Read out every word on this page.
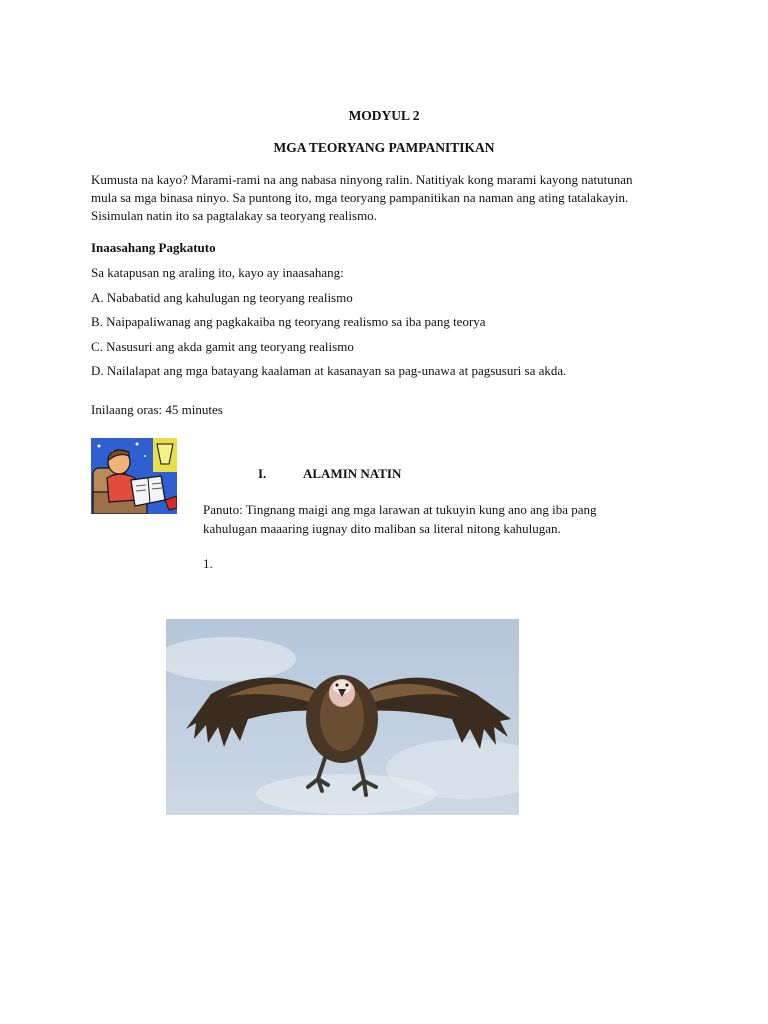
MODYUL 2
MGA TEORYANG PAMPANITIKAN
Kumusta na kayo? Marami-rami na ang nabasa ninyong ralin. Natitiyak kong marami kayong natutunan
mula sa mga binasa ninyo. Sa puntong ito, mga teoryang pampanitikan na naman ang ating tatalakayin.
Sisimulan natin ito sa pagtalakay sa teoryang realismo.
Inaasahang Pagkatuto
Sa katapusan ng araling ito, kayo ay inaasahang:
A. Nababatid ang kahulugan ng teoryang realismo
B. Naipapaliwanag ang pagkakaiba ng teoryang realismo sa iba pang teorya
C. Nasusuri ang akda gamit ang teoryang realismo
D. Nailalapat ang mga batayang kaalaman at kasanayan sa pag-unawa at pagsusuri sa akda.
Inilaang oras: 45 minutes
I.	ALAMIN NATIN
Panuto: Tingnang maigi ang mga larawan at tukuyin kung ano ang iba pang
kahulugan maaaring iugnay dito maliban sa literal nitong kahulugan.
1.
